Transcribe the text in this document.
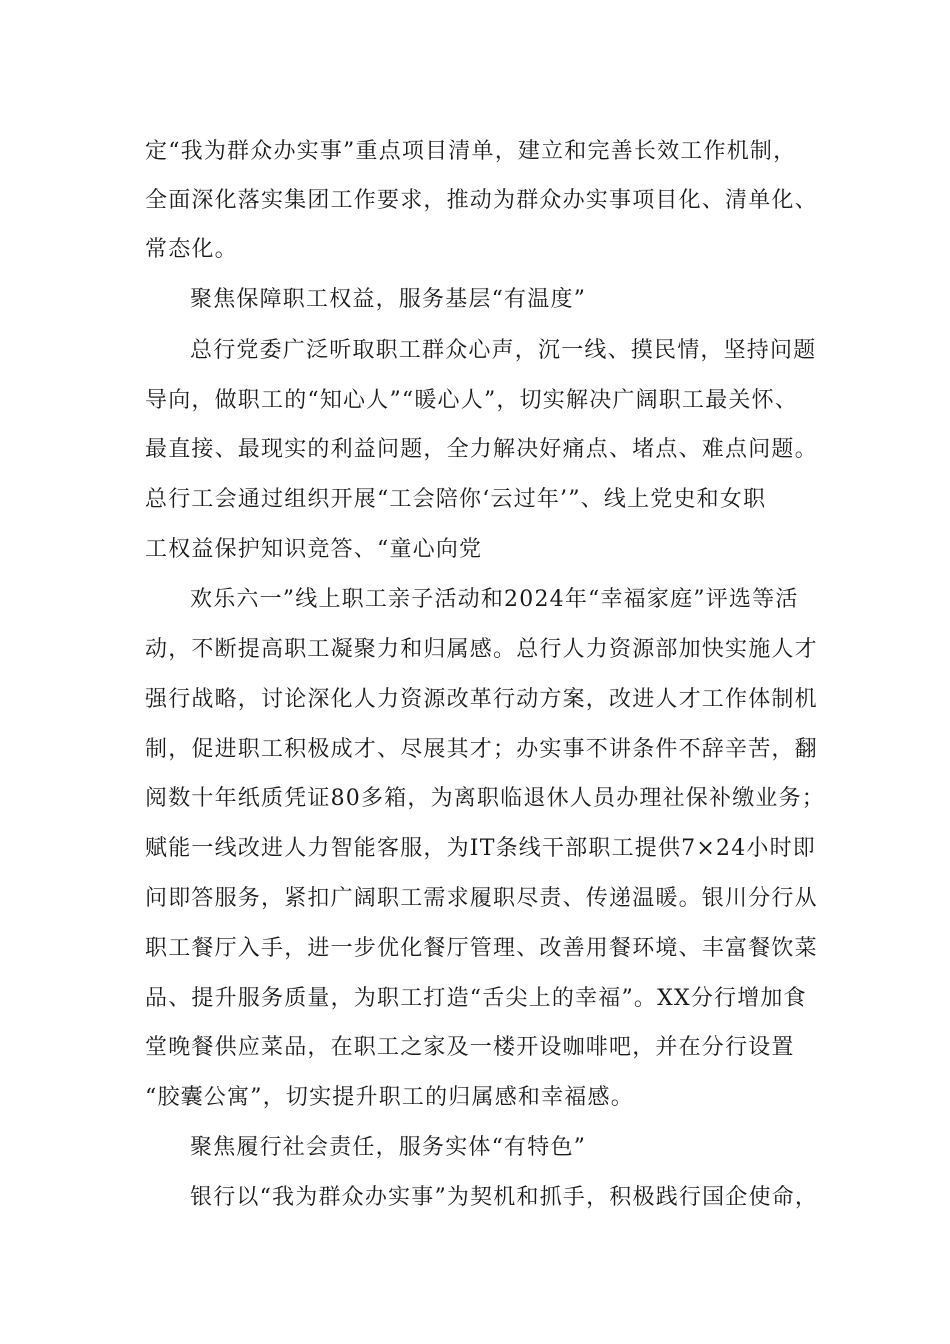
定“我为群众办实事”重点项目清单，建立和完善长效工作机制，
全面深化落实集团工作要求，推动为群众办实事项目化、清单化、
常态化。
聚焦保障职工权益，服务基层“有温度”
总行党委广泛听取职工群众心声，沉一线、摸民情，坚持问题
导向，做职工的“知心人”“暖心人”，切实解决广阔职工最关怀、
最直接、最现实的利益问题，全力解决好痛点、堵点、难点问题。
总行工会通过组织开展“工会陪你‘云过年’”、线上党史和女职
工权益保护知识竞答、“童心向党
欢乐六一”线上职工亲子活动和2024年“幸福家庭”评选等活
动，不断提高职工凝聚力和归属感。总行人力资源部加快实施人才
强行战略，讨论深化人力资源改革行动方案，改进人才工作体制机
制，促进职工积极成才、尽展其才；办实事不讲条件不辞辛苦，翻
阅数十年纸质凭证80多箱，为离职临退休人员办理社保补缴业务；
赋能一线改进人力智能客服，为IT条线干部职工提供7×24小时即
问即答服务，紧扣广阔职工需求履职尽责、传递温暖。银川分行从
职工餐厅入手，进一步优化餐厅管理、改善用餐环境、丰富餐饮菜
品、提升服务质量，为职工打造“舌尖上的幸福”。XX分行增加食
堂晚餐供应菜品，在职工之家及一楼开设咖啡吧，并在分行设置
“胶囊公寓”，切实提升职工的归属感和幸福感。
聚焦履行社会责任，服务实体“有特色”
银行以“我为群众办实事”为契机和抓手，积极践行国企使命，
